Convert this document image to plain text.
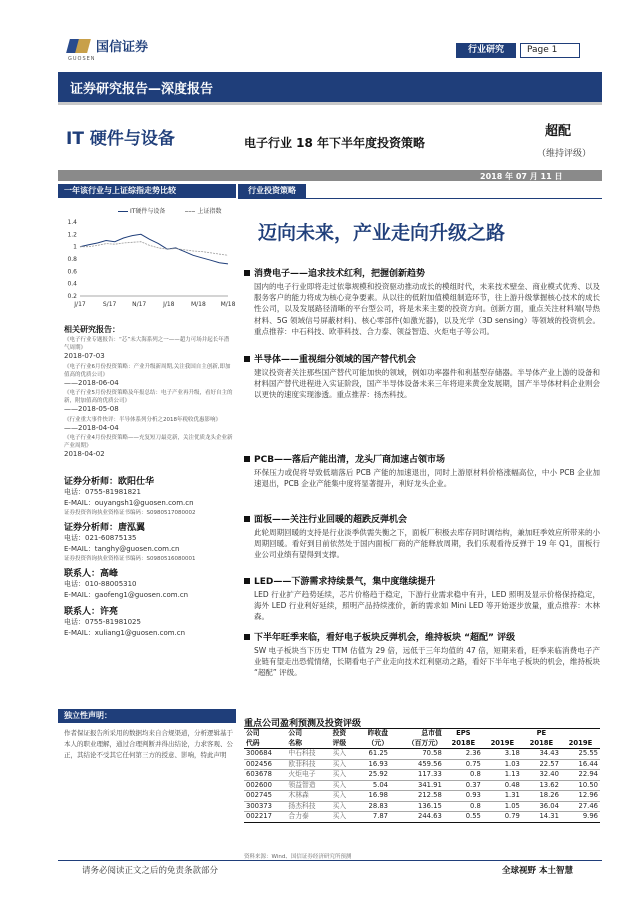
国信证券
GUOSEN
行业研究	Page 1
证券研究报告—深度报告
IT 硬件与设备	电子行业 18 年下半年度投资策略
超配
（维持评级）
2018 年 07 月 11 日
一年该行业与上证综指走势比较
IT硬件与设备	上证指数
1.4
1.2
1
0.8
0.6
0.4
0.2
J/17	S/17	N/17	J/18	M/18 M/18
相关研究报告：
《电子行业专题报告：“芯”未大海系列之一——超力可场并起长年潜气周期》
2018-07-03
《电子行业6月份投资策略：产业升级新周期,关注我国自主创新,即加值高的优质公司》
——2018-06-04
《电子行业5月份投资策略及年报总结：电子产业再升级，看好自主的新，附加值高的优质公司》
——2018-05-08
《行业重大事件快评：半导体系列分析之2018年税收优惠影响》
——2018-04-04
《电子行业4月份投资策略——充复短刀最竞新，关注优质龙头企业新产业周期》
2018-04-02
证券分析师：欧阳仕华
电话：0755-81981821
E-MAIL：ouyangsh1@guosen.com.cn
证券投资咨询执业资格证书编码：S0980517080002
证券分析师：唐泓翼
电话：021-60875135
E-MAIL：tanghy@guosen.com.cn
证券投资咨询执业资格证书编码：S0980516080001
联系人：高峰
电话：010-88005310
E-MAIL：gaofeng1@guosen.com.cn
联系人：许亮
电话：0755-81981025
E-MAIL：xuliang1@guosen.com.cn
独立性声明：
作者保证报告所采用的数据均来自合规渠道，分析逻辑基于本人的职业理解，通过合理判断并得出结论，力求客观、公正，其结论不受其它任何第三方的授意、影响，特此声明
行业投资策略
迈向未来，产业走向升级之路
消费电子——追求技术红利，把握创新趋势
国内的电子行业即将走过依靠规模和投资驱动推动成长的模组时代，未来技术壁垒、商业模式优秀、以及服务客户的能力将成为核心竞争要素。从以往的低附加值模组制造环节，往上游升级掌握核心技术的成长性公司，以及发展路径清晰的平台型公司，将是未来主要的投资方向。创新方面，重点关注材料端(导热材料、5G 领域信号屏蔽材料)、核心零部件(如激光器)，以及光学（3D sensing）等领域的投资机会。重点推荐：中石科技、欧菲科技、合力泰、领益智造、火炬电子等公司。
半导体——重视细分领域的国产替代机会
建议投资者关注那些国产替代可能加快的领域，例如功率器件和利基型存储器。半导体产业上游的设备和材料国产替代进程进入实证阶段，国产半导体设备未来三年将迎来黄金发展期，国产半导体材料企业则会以更快的速度实现渗透。重点推荐：扬杰科技。
PCB——落后产能出清，龙头厂商加速占领市场
环保压力或促将导致低端落后 PCB 产能的加速退出，同时上游原材料价格涨幅高位，中小 PCB 企业加速退出，PCB 企业产能集中度将显著提升，利好龙头企业。
面板——关注行业回暖的超跌反弹机会
此轮周期回暖的支持是行业淡季供需失衡之下，面板厂积极去库存同时调结构，兼加旺季效应所带来的小周期回暖。看好到目前依然处于国内面板厂商的产能释放周期，我们乐观看待反弹于 19 年 Q1，面板行业公司业绩有望得到支撑。
LED——下游需求持续景气，集中度继续提升
LED 行业扩产趋势延续，芯片价格趋于稳定，下游行业需求稳中有升，LED 照明及显示价格保持稳定，海外 LED 行业利好延续，照明产品持续涨价，新的需求如 Mini LED 等开始逐步放量，重点推荐：木林森。
下半年旺季来临，看好电子板块反弹机会，维持板块 “超配” 评级
SW 电子板块当下历史 TTM 估值为 29 倍，远低于三年均值的 47 倍，短期来看，旺季来临消费电子产业链有望走出恐慌情绪，长期看电子产业走向技术红利驱动之路，看好下半年电子板块的机会，维持板块 “超配” 评级。
重点公司盈利预测及投资评级
公司	公司	投资	昨收盘	总市值	EPS		PE	
代码	名称	评级	（元）	（百万元）	2018E	2019E	2018E	2019E
300684	中石科技	买入	61.25	70.58	2.36	3.18	34.43	25.55
002456	欧菲科技	买入	16.93	459.56	0.75	1.03	22.57	16.44
603678	火炬电子	买入	25.92	117.33	0.8	1.13	32.40	22.94
002600	领益智造	买入	5.04	341.91	0.37	0.48	13.62	10.50
002745	木林森	买入	16.98	212.58	0.93	1.31	18.26	12.96
300373	扬杰科技	买入	28.83	136.15	0.8	1.05	36.04	27.46
002217	合力泰	买入	7.87	244.63	0.55	0.79	14.31	9.96
资料来源：Wind、国信证券经济研究所预测
请务必阅读正文之后的免责条款部分	全球视野 本土智慧
